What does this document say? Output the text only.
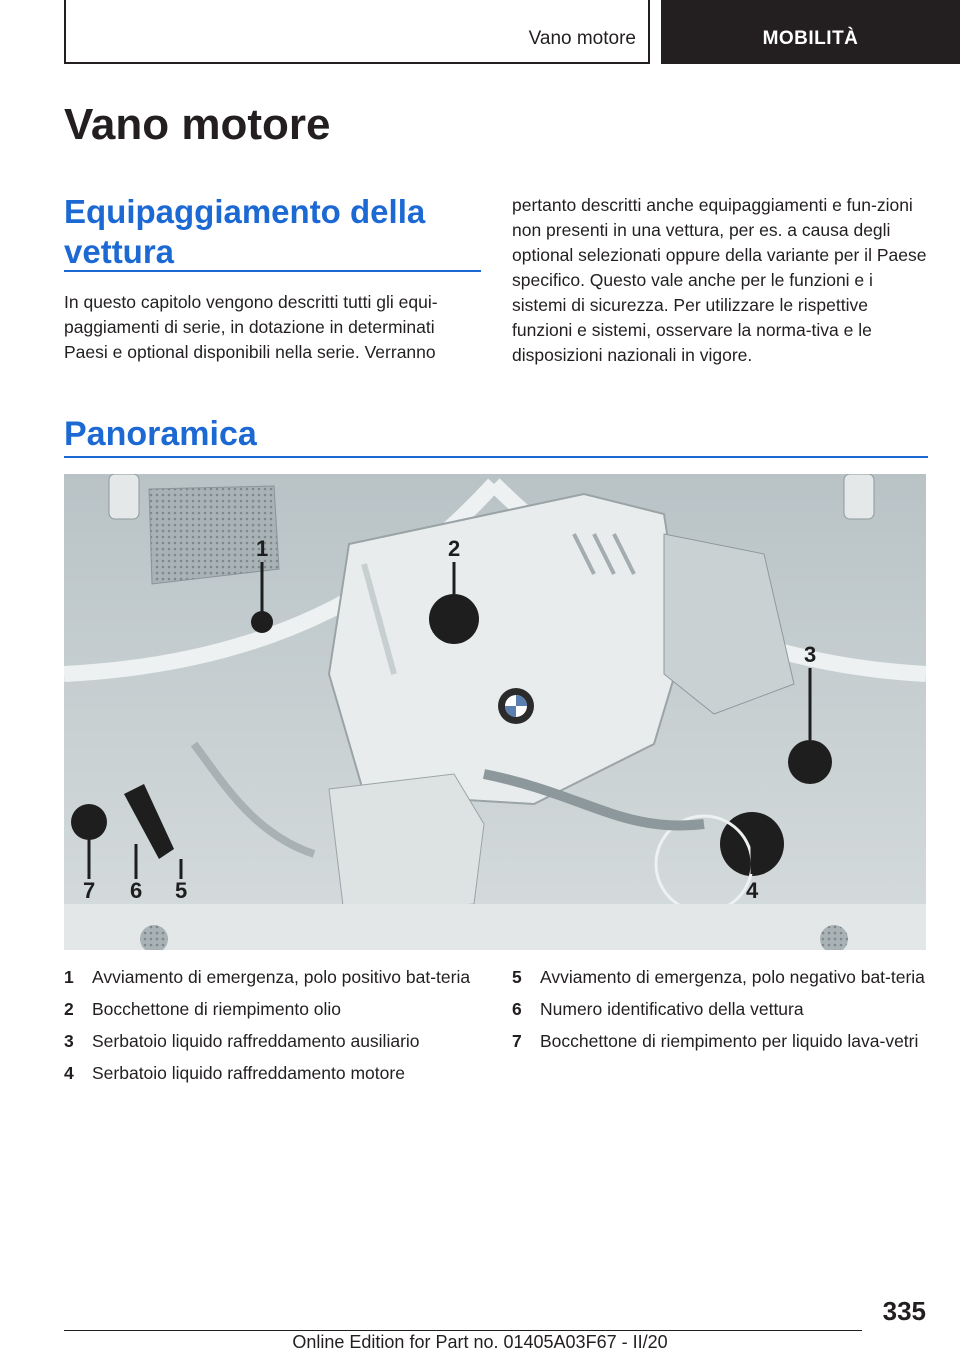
Vano motore	MOBILITÀ
Vano motore
Equipaggiamento della vettura

In questo capitolo vengono descritti tutti gli equi-paggiamenti di serie, in dotazione in determinati Paesi e optional disponibili nella serie. Verranno

pertanto descritti anche equipaggiamenti e fun-zioni non presenti in una vettura, per es. a causa degli optional selezionati oppure della variante per il Paese specifico. Questo vale anche per le funzioni e i sistemi di sicurezza. Per utilizzare le rispettive funzioni e sistemi, osservare la norma-tiva e le disposizioni nazionali in vigore.

Panoramica
1	2
3
4
5
6
7
1 Avviamento di emergenza, polo positivo bat-teria
2 Bocchettone di riempimento olio
3 Serbatoio liquido raffreddamento ausiliario
4 Serbatoio liquido raffreddamento motore
5 Avviamento di emergenza, polo negativo bat-teria
6 Numero identificativo della vettura
7 Bocchettone di riempimento per liquido lava-vetri
335
Online Edition for Part no. 01405A03F67 - II/20
